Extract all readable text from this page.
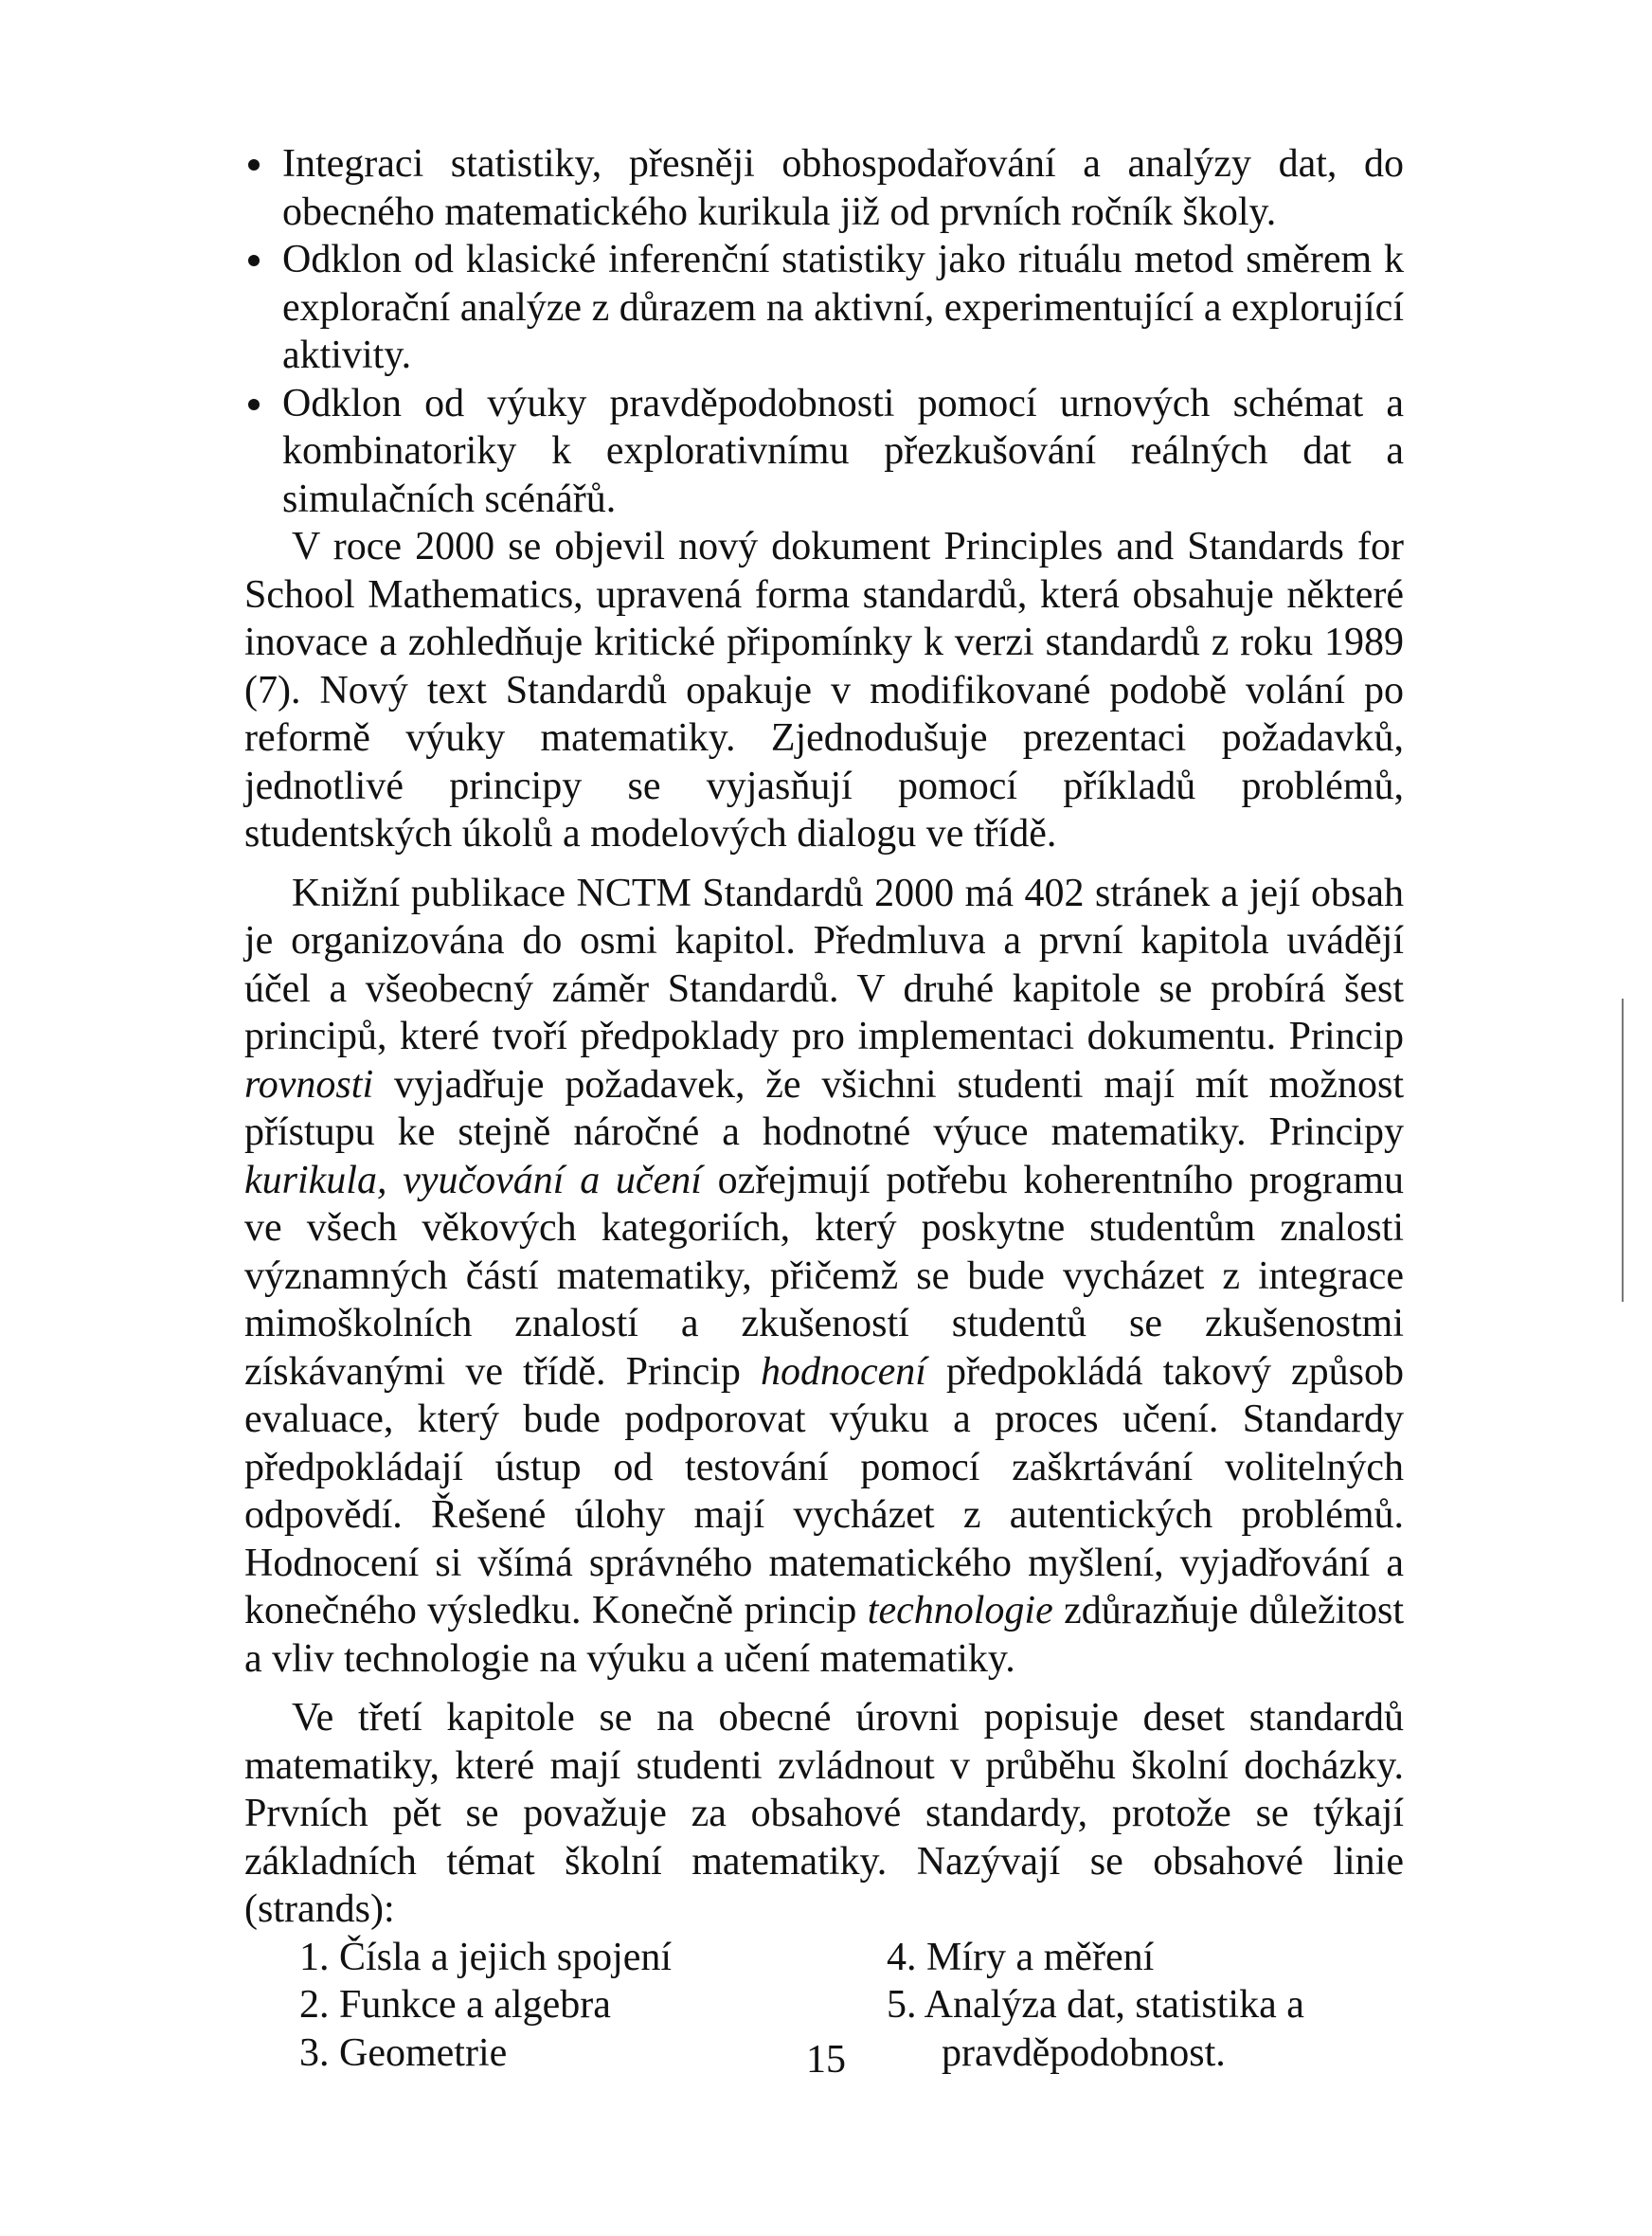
Integraci statistiky, přesněji obhospodařování a analýzy dat, do obecného matematického kurikula již od prvních ročník školy.
Odklon od klasické inferenční statistiky jako rituálu metod směrem k explorační analýze z důrazem na aktivní, experimentující a explorující aktivity.
Odklon od výuky pravděpodobnosti pomocí urnových schémat a kombinatoriky k explorativnímu přezkušování reálných dat a simulačních scénářů.

V roce 2000 se objevil nový dokument Principles and Standards for School Mathematics, upravená forma standardů, která obsahuje některé inovace a zohledňuje kritické připomínky k verzi standardů z roku 1989 (7). Nový text Standardů opakuje v modifikované podobě volání po reformě výuky matematiky. Zjednodušuje prezentaci požadavků, jednotlivé principy se vyjasňují pomocí příkladů problémů, studentských úkolů a modelových dialogu ve třídě.

Knižní publikace NCTM Standardů 2000 má 402 stránek a její obsah je organizována do osmi kapitol. Předmluva a první kapitola uvádějí účel a všeobecný záměr Standardů. V druhé kapitole se probírá šest principů, které tvoří předpoklady pro implementaci dokumentu. Princip rovnosti vyjadřuje požadavek, že všichni studenti mají mít možnost přístupu ke stejně náročné a hodnotné výuce matematiky. Principy kurikula, vyučování a učení ozřejmují potřebu koherentního programu ve všech věkových kategoriích, který poskytne studentům znalosti významných částí matematiky, přičemž se bude vycházet z integrace mimoškolních znalostí a zkušeností studentů se zkušenostmi získávanými ve třídě. Princip hodnocení předpokládá takový způsob evaluace, který bude podporovat výuku a proces učení. Standardy předpokládají ústup od testování pomocí zaškrtávání volitelných odpovědí. Řešené úlohy mají vycházet z autentických problémů. Hodnocení si všímá správného matematického myšlení, vyjadřování a konečného výsledku. Konečně princip technologie zdůrazňuje důležitost a vliv technologie na výuku a učení matematiky.

Ve třetí kapitole se na obecné úrovni popisuje deset standardů matematiky, které mají studenti zvládnout v průběhu školní docházky. Prvních pět se považuje za obsahové standardy, protože se týkají základních témat školní matematiky. Nazývají se obsahové linie (strands):

1. Čísla a jejich spojení
2. Funkce a algebra
3. Geometrie
4. Míry a měření
5. Analýza dat, statistika a
pravděpodobnost.
15
